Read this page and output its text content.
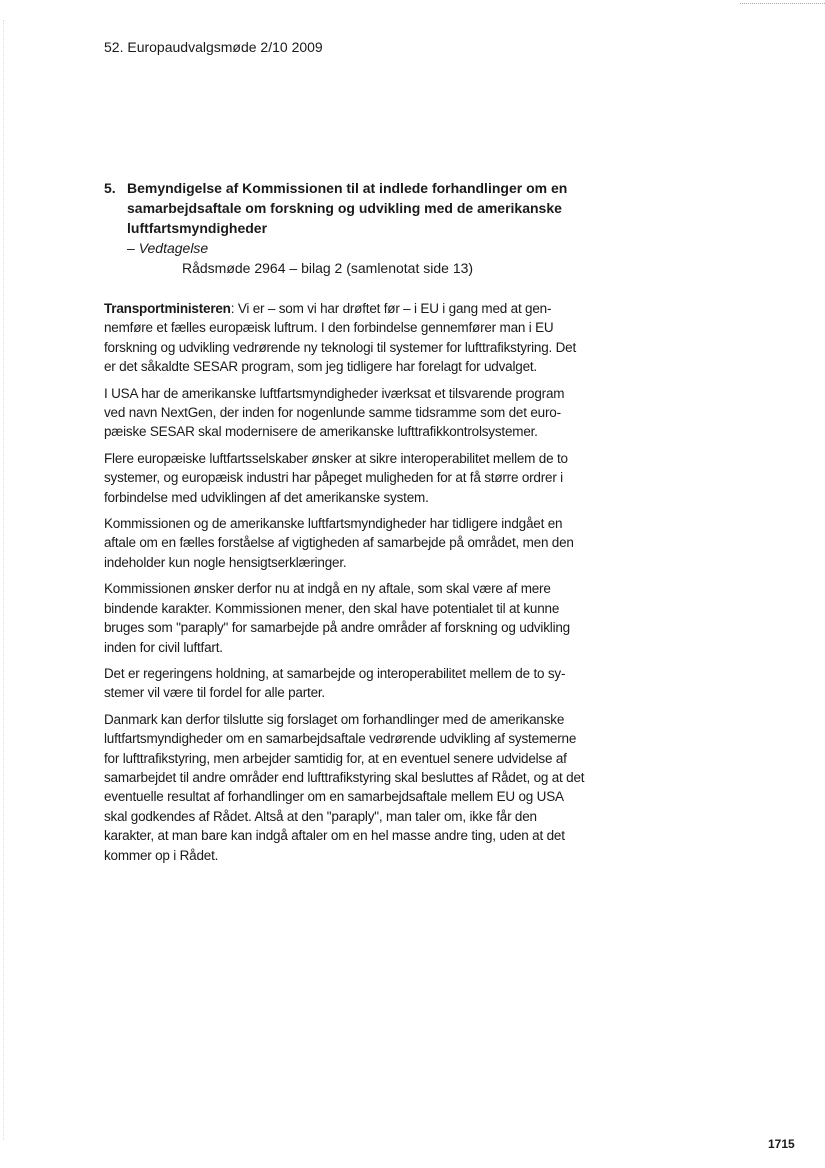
52. Europaudvalgsmøde 2/10 2009
5. Bemyndigelse af Kommissionen til at indlede forhandlinger om en samarbejdsaftale om forskning og udvikling med de amerikanske luftfartsmyndigheder
– Vedtagelse
Rådsmøde 2964 – bilag 2 (samlenotat side 13)

Transportministeren: Vi er – som vi har drøftet før – i EU i gang med at gennemføre et fælles europæisk luftrum. I den forbindelse gennemfører man i EU forskning og udvikling vedrørende ny teknologi til systemer for lufttrafikstyring. Det er det såkaldte SESAR program, som jeg tidligere har forelagt for udvalget.

I USA har de amerikanske luftfartsmyndigheder iværksat et tilsvarende program ved navn NextGen, der inden for nogenlunde samme tidsramme som det europæiske SESAR skal modernisere de amerikanske lufttrafikkontrolsystemer.

Flere europæiske luftfartsselskaber ønsker at sikre interoperabilitet mellem de to systemer, og europæisk industri har påpeget muligheden for at få større ordrer i forbindelse med udviklingen af det amerikanske system.

Kommissionen og de amerikanske luftfartsmyndigheder har tidligere indgået en aftale om en fælles forståelse af vigtigheden af samarbejde på området, men den indeholder kun nogle hensigtserklæringer.

Kommissionen ønsker derfor nu at indgå en ny aftale, som skal være af mere bindende karakter. Kommissionen mener, den skal have potentialet til at kunne bruges som "paraply" for samarbejde på andre områder af forskning og udvikling inden for civil luftfart.

Det er regeringens holdning, at samarbejde og interoperabilitet mellem de to systemer vil være til fordel for alle parter.

Danmark kan derfor tilslutte sig forslaget om forhandlinger med de amerikanske luftfartsmyndigheder om en samarbejdsaftale vedrørende udvikling af systemerne for lufttrafikstyring, men arbejder samtidig for, at en eventuel senere udvidelse af samarbejdet til andre områder end lufttrafikstyring skal besluttes af Rådet, og at det eventuelle resultat af forhandlinger om en samarbejdsaftale mellem EU og USA skal godkendes af Rådet. Altså at den "paraply", man taler om, ikke får den karakter, at man bare kan indgå aftaler om en hel masse andre ting, uden at det kommer op i Rådet.

1715
